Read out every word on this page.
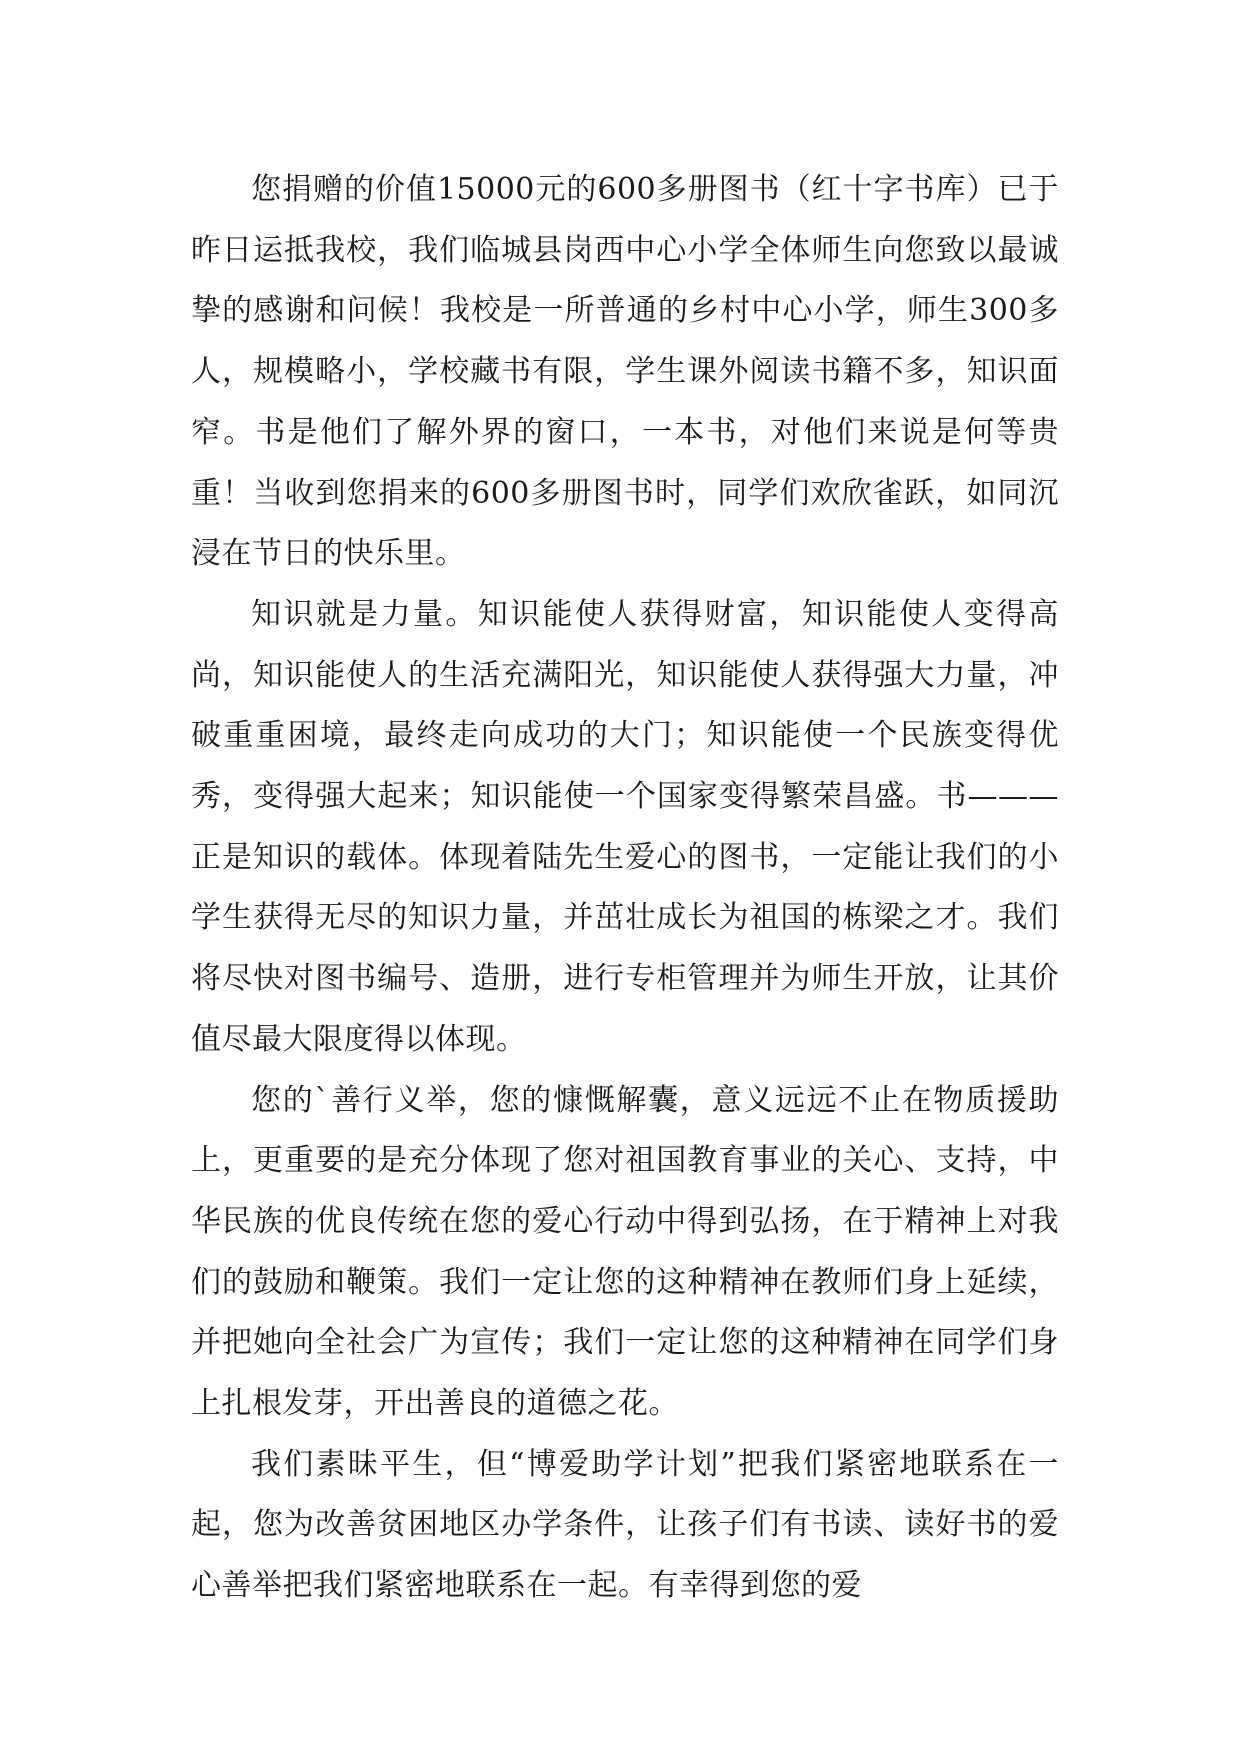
您捐赠的价值15000元的600多册图书（红十字书库）已于昨日运抵我校，我们临城县岗西中心小学全体师生向您致以最诚挚的感谢和问候！我校是一所普通的乡村中心小学，师生300多人，规模略小，学校藏书有限，学生课外阅读书籍不多，知识面窄。书是他们了解外界的窗口，一本书，对他们来说是何等贵重！当收到您捐来的600多册图书时，同学们欢欣雀跃，如同沉浸在节日的快乐里。

知识就是力量。知识能使人获得财富，知识能使人变得高尚，知识能使人的生活充满阳光，知识能使人获得强大力量，冲破重重困境，最终走向成功的大门；知识能使一个民族变得优秀，变得强大起来；知识能使一个国家变得繁荣昌盛。书———正是知识的载体。体现着陆先生爱心的图书，一定能让我们的小学生获得无尽的知识力量，并茁壮成长为祖国的栋梁之才。我们将尽快对图书编号、造册，进行专柜管理并为师生开放，让其价值尽最大限度得以体现。

您的`善行义举，您的慷慨解囊，意义远远不止在物质援助上，更重要的是充分体现了您对祖国教育事业的关心、支持，中华民族的优良传统在您的爱心行动中得到弘扬，在于精神上对我们的鼓励和鞭策。我们一定让您的这种精神在教师们身上延续，并把她向全社会广为宣传；我们一定让您的这种精神在同学们身上扎根发芽，开出善良的道德之花。

我们素昧平生，但“博爱助学计划”把我们紧密地联系在一起，您为改善贫困地区办学条件，让孩子们有书读、读好书的爱心善举把我们紧密地联系在一起。有幸得到您的爱
